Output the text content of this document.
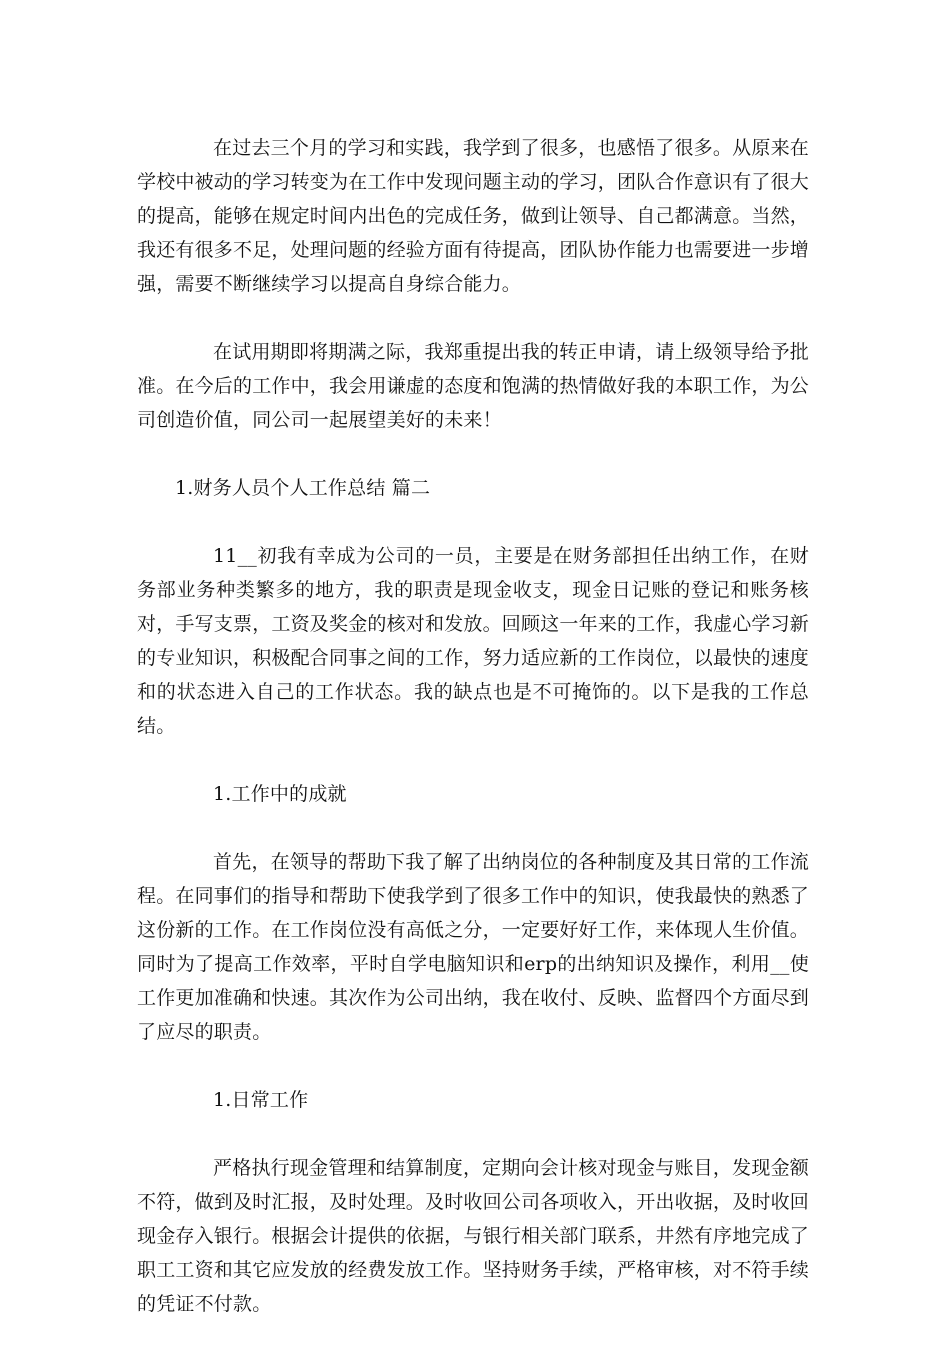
在过去三个月的学习和实践，我学到了很多，也感悟了很多。从原来在学校中被动的学习转变为在工作中发现问题主动的学习，团队合作意识有了很大的提高，能够在规定时间内出色的完成任务，做到让领导、自己都满意。当然，我还有很多不足，处理问题的经验方面有待提高，团队协作能力也需要进一步增强，需要不断继续学习以提高自身综合能力。

在试用期即将期满之际，我郑重提出我的转正申请，请上级领导给予批准。在今后的工作中，我会用谦虚的态度和饱满的热情做好我的本职工作，为公司创造价值，同公司一起展望美好的未来！

1.财务人员个人工作总结 篇二

11__初我有幸成为公司的一员，主要是在财务部担任出纳工作，在财务部业务种类繁多的地方，我的职责是现金收支，现金日记账的登记和账务核对，手写支票，工资及奖金的核对和发放。回顾这一年来的工作，我虚心学习新的专业知识，积极配合同事之间的工作，努力适应新的工作岗位，以最快的速度和的状态进入自己的工作状态。我的缺点也是不可掩饰的。以下是我的工作总结。

1.工作中的成就

首先，在领导的帮助下我了解了出纳岗位的各种制度及其日常的工作流程。在同事们的指导和帮助下使我学到了很多工作中的知识，使我最快的熟悉了这份新的工作。在工作岗位没有高低之分，一定要好好工作，来体现人生价值。同时为了提高工作效率，平时自学电脑知识和erp的出纳知识及操作，利用__使工作更加准确和快速。其次作为公司出纳，我在收付、反映、监督四个方面尽到了应尽的职责。

1.日常工作

严格执行现金管理和结算制度，定期向会计核对现金与账目，发现金额不符，做到及时汇报，及时处理。及时收回公司各项收入，开出收据，及时收回现金存入银行。根据会计提供的依据，与银行相关部门联系，井然有序地完成了职工工资和其它应发放的经费发放工作。坚持财务手续，严格审核，对不符手续的凭证不付款。
